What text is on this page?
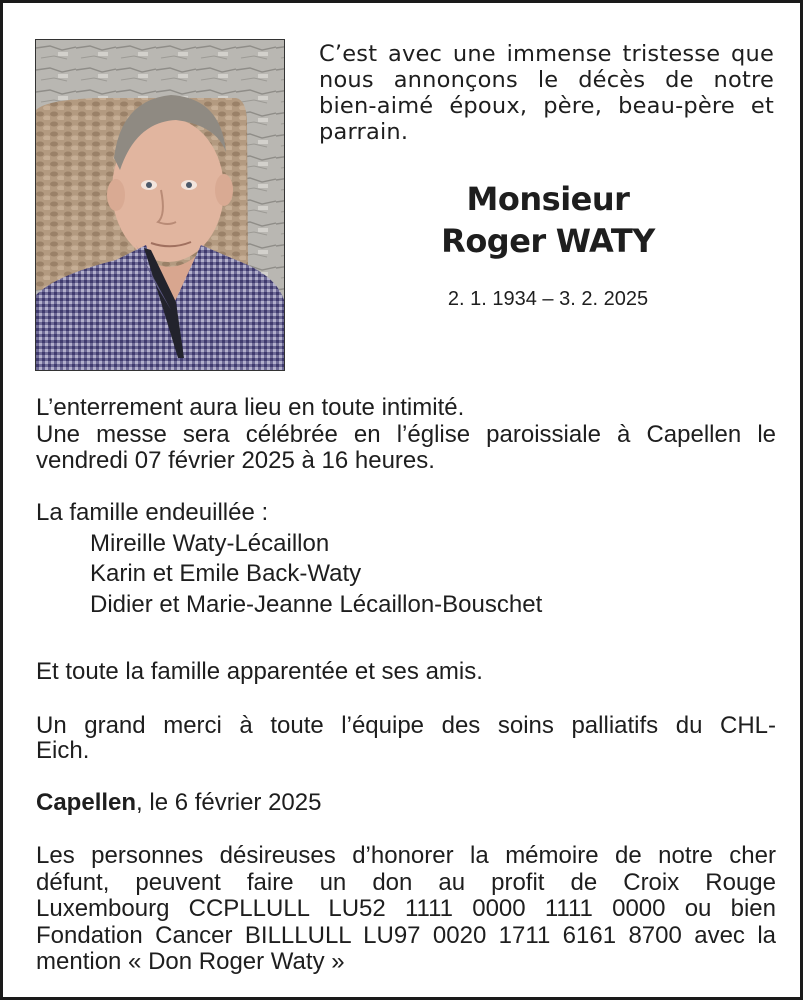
C’est avec une immense tristesse que nous annonçons le décès de notre bien-aimé époux, père, beau-père et parrain.

Monsieur
Roger WATY
2. 1. 1934 – 3. 2. 2025
L’enterrement aura lieu en toute intimité.
Une messe sera célébrée en l’église paroissiale à Capellen le
vendredi 07 février 2025 à 16 heures.
La famille endeuillée :
Mireille Waty-Lécaillon
Karin et Emile Back-Waty
Didier et Marie-Jeanne Lécaillon-Bouschet
Et toute la famille apparentée et ses amis.
Un grand merci à toute l’équipe des soins palliatifs du CHL-
Eich.
Capellen, le 6 février 2025
Les personnes désireuses d’honorer la mémoire de notre cher
défunt, peuvent faire un don au profit de Croix Rouge
Luxembourg CCPLLULL LU52 1111 0000 1111 0000 ou bien
Fondation Cancer BILLLULL LU97 0020 1711 6161 8700 avec la
mention « Don Roger Waty »
